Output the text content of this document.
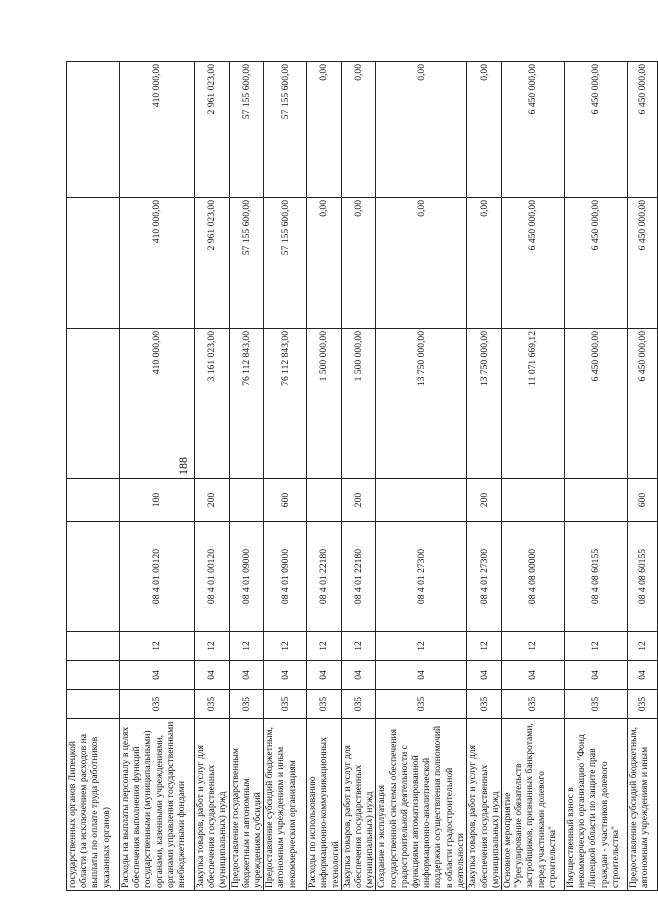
188
государственных органов Липецкой области (за исключением расходов на выплаты по оплате труда работников указанных органов)								
Расходы на выплаты персоналу в целях обеспечения выполнения функций государственными (муниципальными) органами, казенными учреждениями, органами управления государственными внебюджетными фондами	035	04	12	08 4 01 00120	100	410 000,00	410 000,00	410 000,00
Закупка товаров, работ и услуг для обеспечения государственных (муниципальных) нужд	035	04	12	08 4 01 00120	200	3 161 023,00	2 961 023,00	2 961 023,00
Предоставление государственным бюджетным и автономным учреждениям субсидий	035	04	12	08 4 01 09000		76 112 843,00	57 155 600,00	57 155 600,00
Предоставление субсидий бюджетным, автономным учреждениям и иным некоммерческим организациям	035	04	12	08 4 01 09000	600	76 112 843,00	57 155 600,00	57 155 600,00
Расходы по использованию информационно-коммуникационных технологий	035	04	12	08 4 01 22180		1 500 000,00	0,00	0,00
Закупка товаров, работ и услуг для обеспечения государственных (муниципальных) нужд	035	04	12	08 4 01 22180	200	1 500 000,00	0,00	0,00
Создание и эксплуатация государственной системы обеспечения градостроительной деятельности с функциями автоматизированной информационно-аналитической поддержки осуществления полномочий в области градостроительной деятельности	035	04	12	08 4 01 27300		13 750 000,00	0,00	0,00
Закупка товаров, работ и услуг для обеспечения государственных (муниципальных) нужд	035	04	12	08 4 01 27300	200	13 750 000,00	0,00	0,00
Основное мероприятие "Урегулирование обязательств застройщиков, признанных банкротами, перед участниками долевого строительства"	035	04	12	08 4 08 00000		11 071 669,12	6 450 000,00	6 450 000,00
Имущественный взнос в некоммерческую организацию "Фонд Липецкой области по защите прав граждан - участников долевого строительства"	035	04	12	08 4 08 60155		6 450 000,00	6 450 000,00	6 450 000,00
Предоставление субсидий бюджетным, автономным учреждениям и иным	035	04	12	08 4 08 60155	600	6 450 000,00	6 450 000,00	6 450 000,00
